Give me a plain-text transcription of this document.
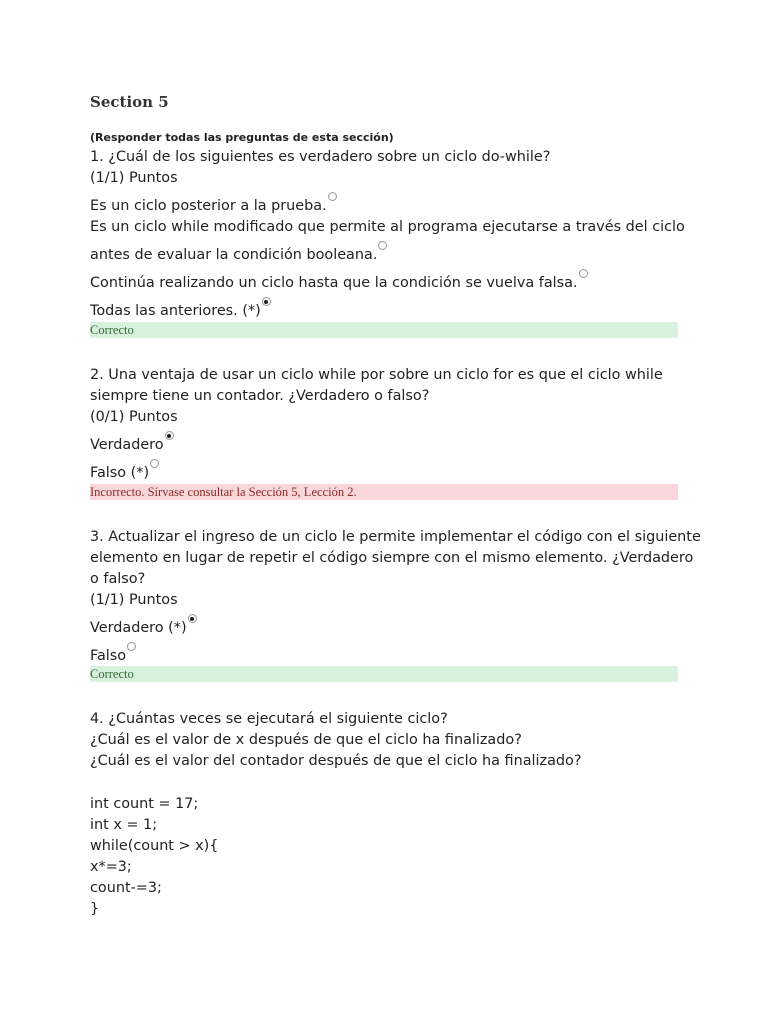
Section 5
(Responder todas las preguntas de esta sección)
1. ¿Cuál de los siguientes es verdadero sobre un ciclo do-while?
(1/1) Puntos
Es un ciclo posterior a la prueba.
Es un ciclo while modificado que permite al programa ejecutarse a través del ciclo
antes de evaluar la condición booleana.
Continúa realizando un ciclo hasta que la condición se vuelva falsa.
Todas las anteriores. (*)
Correcto
2. Una ventaja de usar un ciclo while por sobre un ciclo for es que el ciclo while
siempre tiene un contador. ¿Verdadero o falso?
(0/1) Puntos
Verdadero
Falso (*)
Incorrecto. Sírvase consultar la Sección 5, Lección 2.
3. Actualizar el ingreso de un ciclo le permite implementar el código con el siguiente
elemento en lugar de repetir el código siempre con el mismo elemento. ¿Verdadero
o falso?
(1/1) Puntos
Verdadero (*)
Falso
Correcto
4. ¿Cuántas veces se ejecutará el siguiente ciclo?
¿Cuál es el valor de x después de que el ciclo ha finalizado?
¿Cuál es el valor del contador después de que el ciclo ha finalizado?
int count = 17;
int x = 1;
while(count > x){
x*=3;
count-=3;
}
